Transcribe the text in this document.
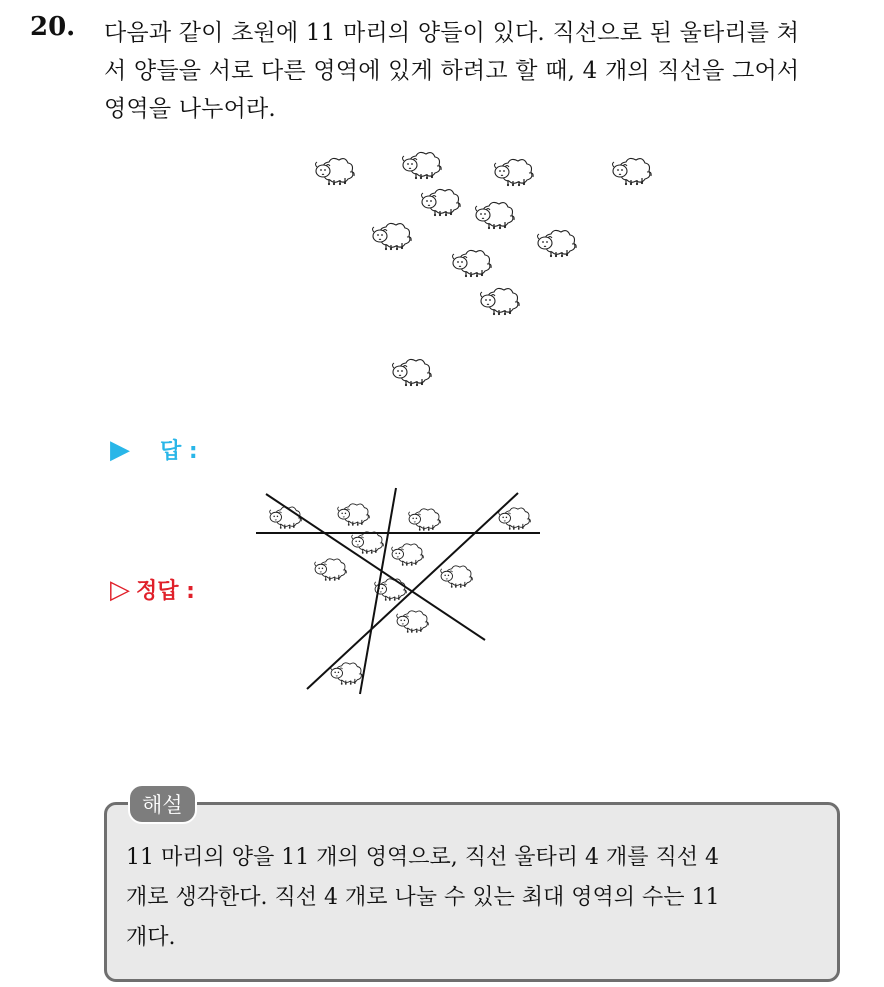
20. 다음과 같이 초원에 11 마리의 양들이 있다. 직선으로 된 울타리를 쳐
서 양들을 서로 다른 영역에 있게 하려고 할 때, 4 개의 직선을 그어서
영역을 나누어라.
▶ 답 :
▷ 정답 :
해설
11 마리의 양을 11 개의 영역으로, 직선 울타리 4 개를 직선 4
개로 생각한다. 직선 4 개로 나눌 수 있는 최대 영역의 수는 11
개다.
